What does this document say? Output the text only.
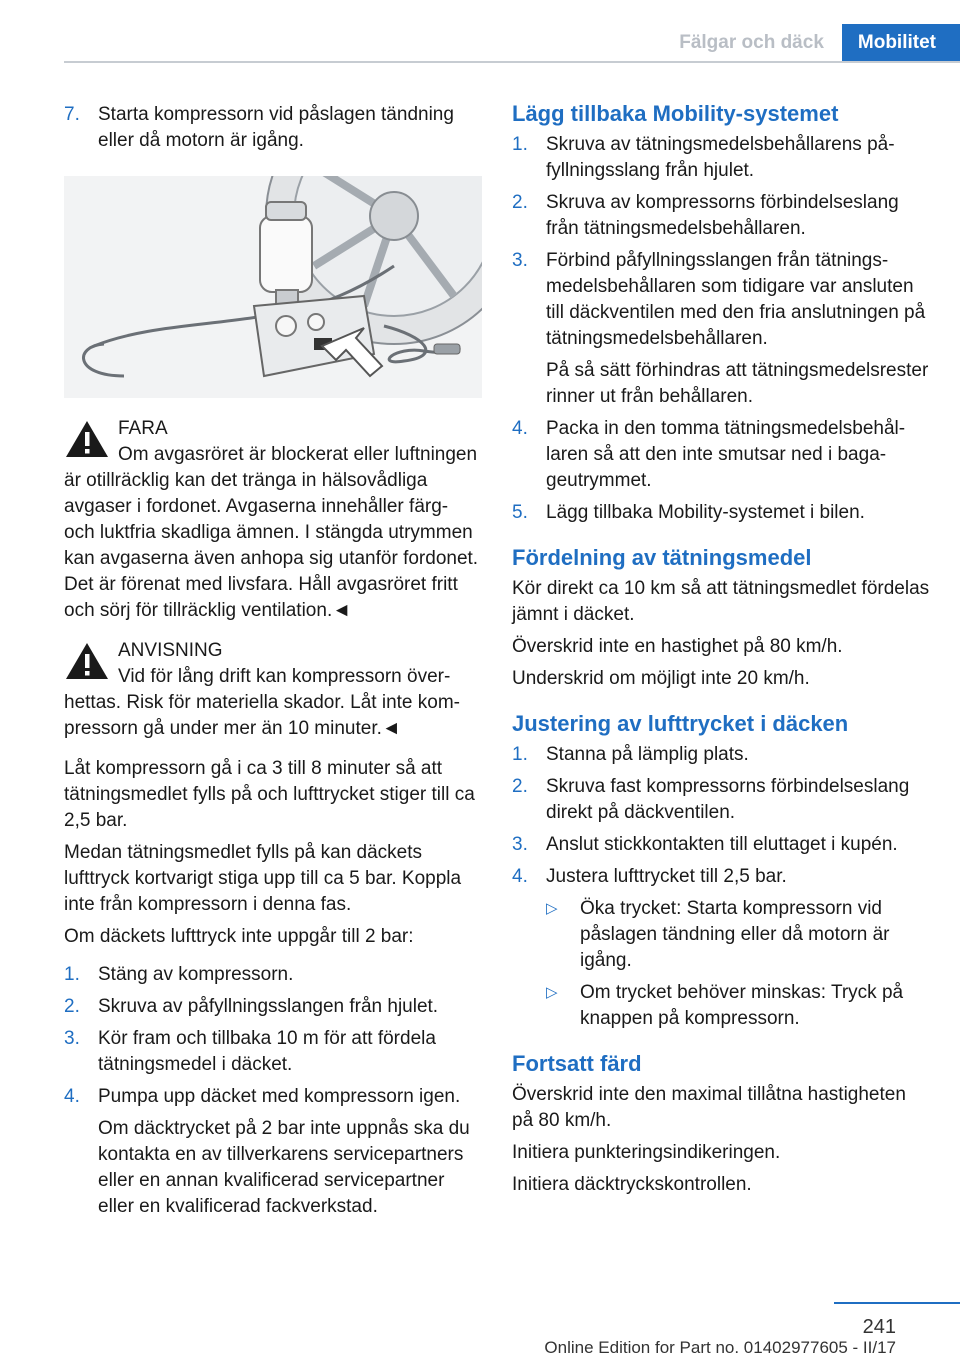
Fälgar och däck	Mobilitet
7. Starta kompressorn vid påslagen tändning eller då motorn är igång.

FARA

Om avgasröret är blockerat eller luftningen är otillräcklig kan det tränga in hälsovådliga avgaser i fordonet. Avgaserna innehåller färg- och luktfria skadliga ämnen. I stängda utrymmen kan avgaserna även anhopa sig utanför fordonet. Det är förenat med livsfara. Håll avgasröret fritt och sörj för tillräcklig ventilation.◄

ANVISNING

Vid för lång drift kan kompressorn överhettas. Risk för materiella skador. Låt inte kompressorn gå under mer än 10 minuter.◄

Låt kompressorn gå i ca 3 till 8 minuter så att tätningsmedlet fylls på och lufttrycket stiger till ca 2,5 bar.

Medan tätningsmedlet fylls på kan däckets lufttryck kortvarigt stiga upp till ca 5 bar. Koppla inte från kompressorn i denna fas.

Om däckets lufttryck inte uppgår till 2 bar:

1. Stäng av kompressorn.
2. Skruva av påfyllningsslangen från hjulet.
3. Kör fram och tillbaka 10 m för att fördela tätningsmedel i däcket.
4. Pumpa upp däcket med kompressorn igen.

Om däcktrycket på 2 bar inte uppnås ska du kontakta en av tillverkarens servicepartners eller en annan kvalificerad servicepartner eller en kvalificerad fackverkstad.

Lägg tillbaka Mobility-systemet
1. Skruva av tätningsmedelsbehållarens påfyllningsslang från hjulet.
2. Skruva av kompressorns förbindelseslang från tätningsmedelsbehållaren.
3. Förbind påfyllningsslangen från tätningsmedelsbehållaren som tidigare var ansluten till däckventilen med den fria anslutningen på tätningsmedelsbehållaren.

På så sätt förhindras att tätningsmedelsrester rinner ut från behållaren.

4. Packa in den tomma tätningsmedelsbehållaren så att den inte smutsar ned i bagageutrymmet.
5. Lägg tillbaka Mobility-systemet i bilen.
Fördelning av tätningsmedel

Kör direkt ca 10 km så att tätningsmedlet fördelas jämnt i däcket.

Överskrid inte en hastighet på 80 km/h.

Underskrid om möjligt inte 20 km/h.

Justering av lufttrycket i däcken
1. Stanna på lämplig plats.
2. Skruva fast kompressorns förbindelseslang direkt på däckventilen.
3. Anslut stickkontakten till eluttaget i kupén.
4. Justera lufttrycket till 2,5 bar.
▷ Öka trycket: Starta kompressorn vid påslagen tändning eller då motorn är igång.
▷ Om trycket behöver minskas: Tryck på knappen på kompressorn.
Fortsatt färd

Överskrid inte den maximal tillåtna hastigheten på 80 km/h.

Initiera punkteringsindikeringen.

Initiera däcktryckskontrollen.

241
Online Edition for Part no. 01402977605 - II/17
